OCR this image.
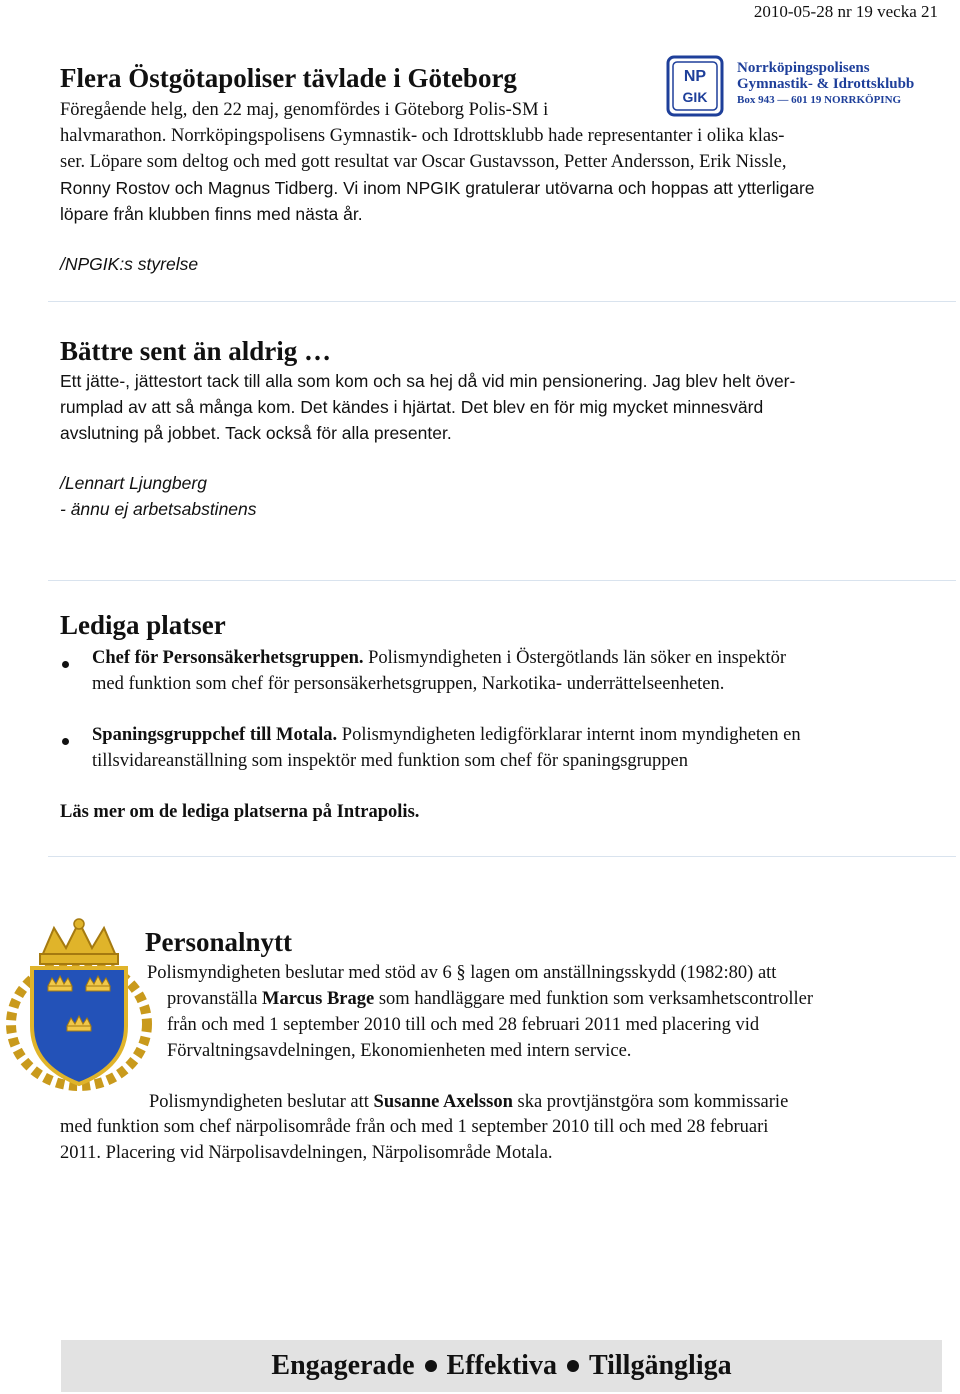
2010-05-28 nr 19 vecka 21
Flera Östgötapoliser tävlade i Göteborg	NP
GIK
Norrköpingspolisens
Gymnastik- & Idrottsklubb
Box 943 — 601 19 NORRKÖPING
Föregående helg, den 22 maj, genomfördes i Göteborg Polis-SM i
halvmarathon. Norrköpingspolisens Gymnastik- och Idrottsklubb hade representanter i olika klas-
ser. Löpare som deltog och med gott resultat var Oscar Gustavsson, Petter Andersson, Erik Nissle,
Ronny Rostov och Magnus Tidberg. Vi inom NPGIK gratulerar utövarna och hoppas att ytterligare
löpare från klubben finns med nästa år.
/NPGIK:s styrelse
Bättre sent än aldrig …
Ett jätte-, jättestort tack till alla som kom och sa hej då vid min pensionering. Jag blev helt över-
rumplad av att så många kom. Det kändes i hjärtat. Det blev en för mig mycket minnesvärd
avslutning på jobbet. Tack också för alla presenter.
/Lennart Ljungberg
- ännu ej arbetsabstinens
Lediga platser
Chef för Personsäkerhetsgruppen. Polismyndigheten i Östergötlands län söker en inspektör
med funktion som chef för personsäkerhetsgruppen, Narkotika- underrättelseenheten.
Spaningsgruppchef till Motala. Polismyndigheten ledigförklarar internt inom myndigheten en
tillsvidareanställning som inspektör med funktion som chef för spaningsgruppen
Läs mer om de lediga platserna på Intrapolis.
Personalnytt
Polismyndigheten beslutar med stöd av 6 § lagen om anställningsskydd (1982:80) att
provanställa Marcus Brage som handläggare med funktion som verksamhetscontroller
från och med 1 september 2010 till och med 28 februari 2011 med placering vid
Förvaltningsavdelningen, Ekonomienheten med intern service.
Polismyndigheten beslutar att Susanne Axelsson ska provtjänstgöra som kommissarie
med funktion som chef närpolisområde från och med 1 september 2010 till och med 28 februari
2011. Placering vid Närpolisavdelningen, Närpolisområde Motala.
Engagerade Effektiva Tillgängliga
